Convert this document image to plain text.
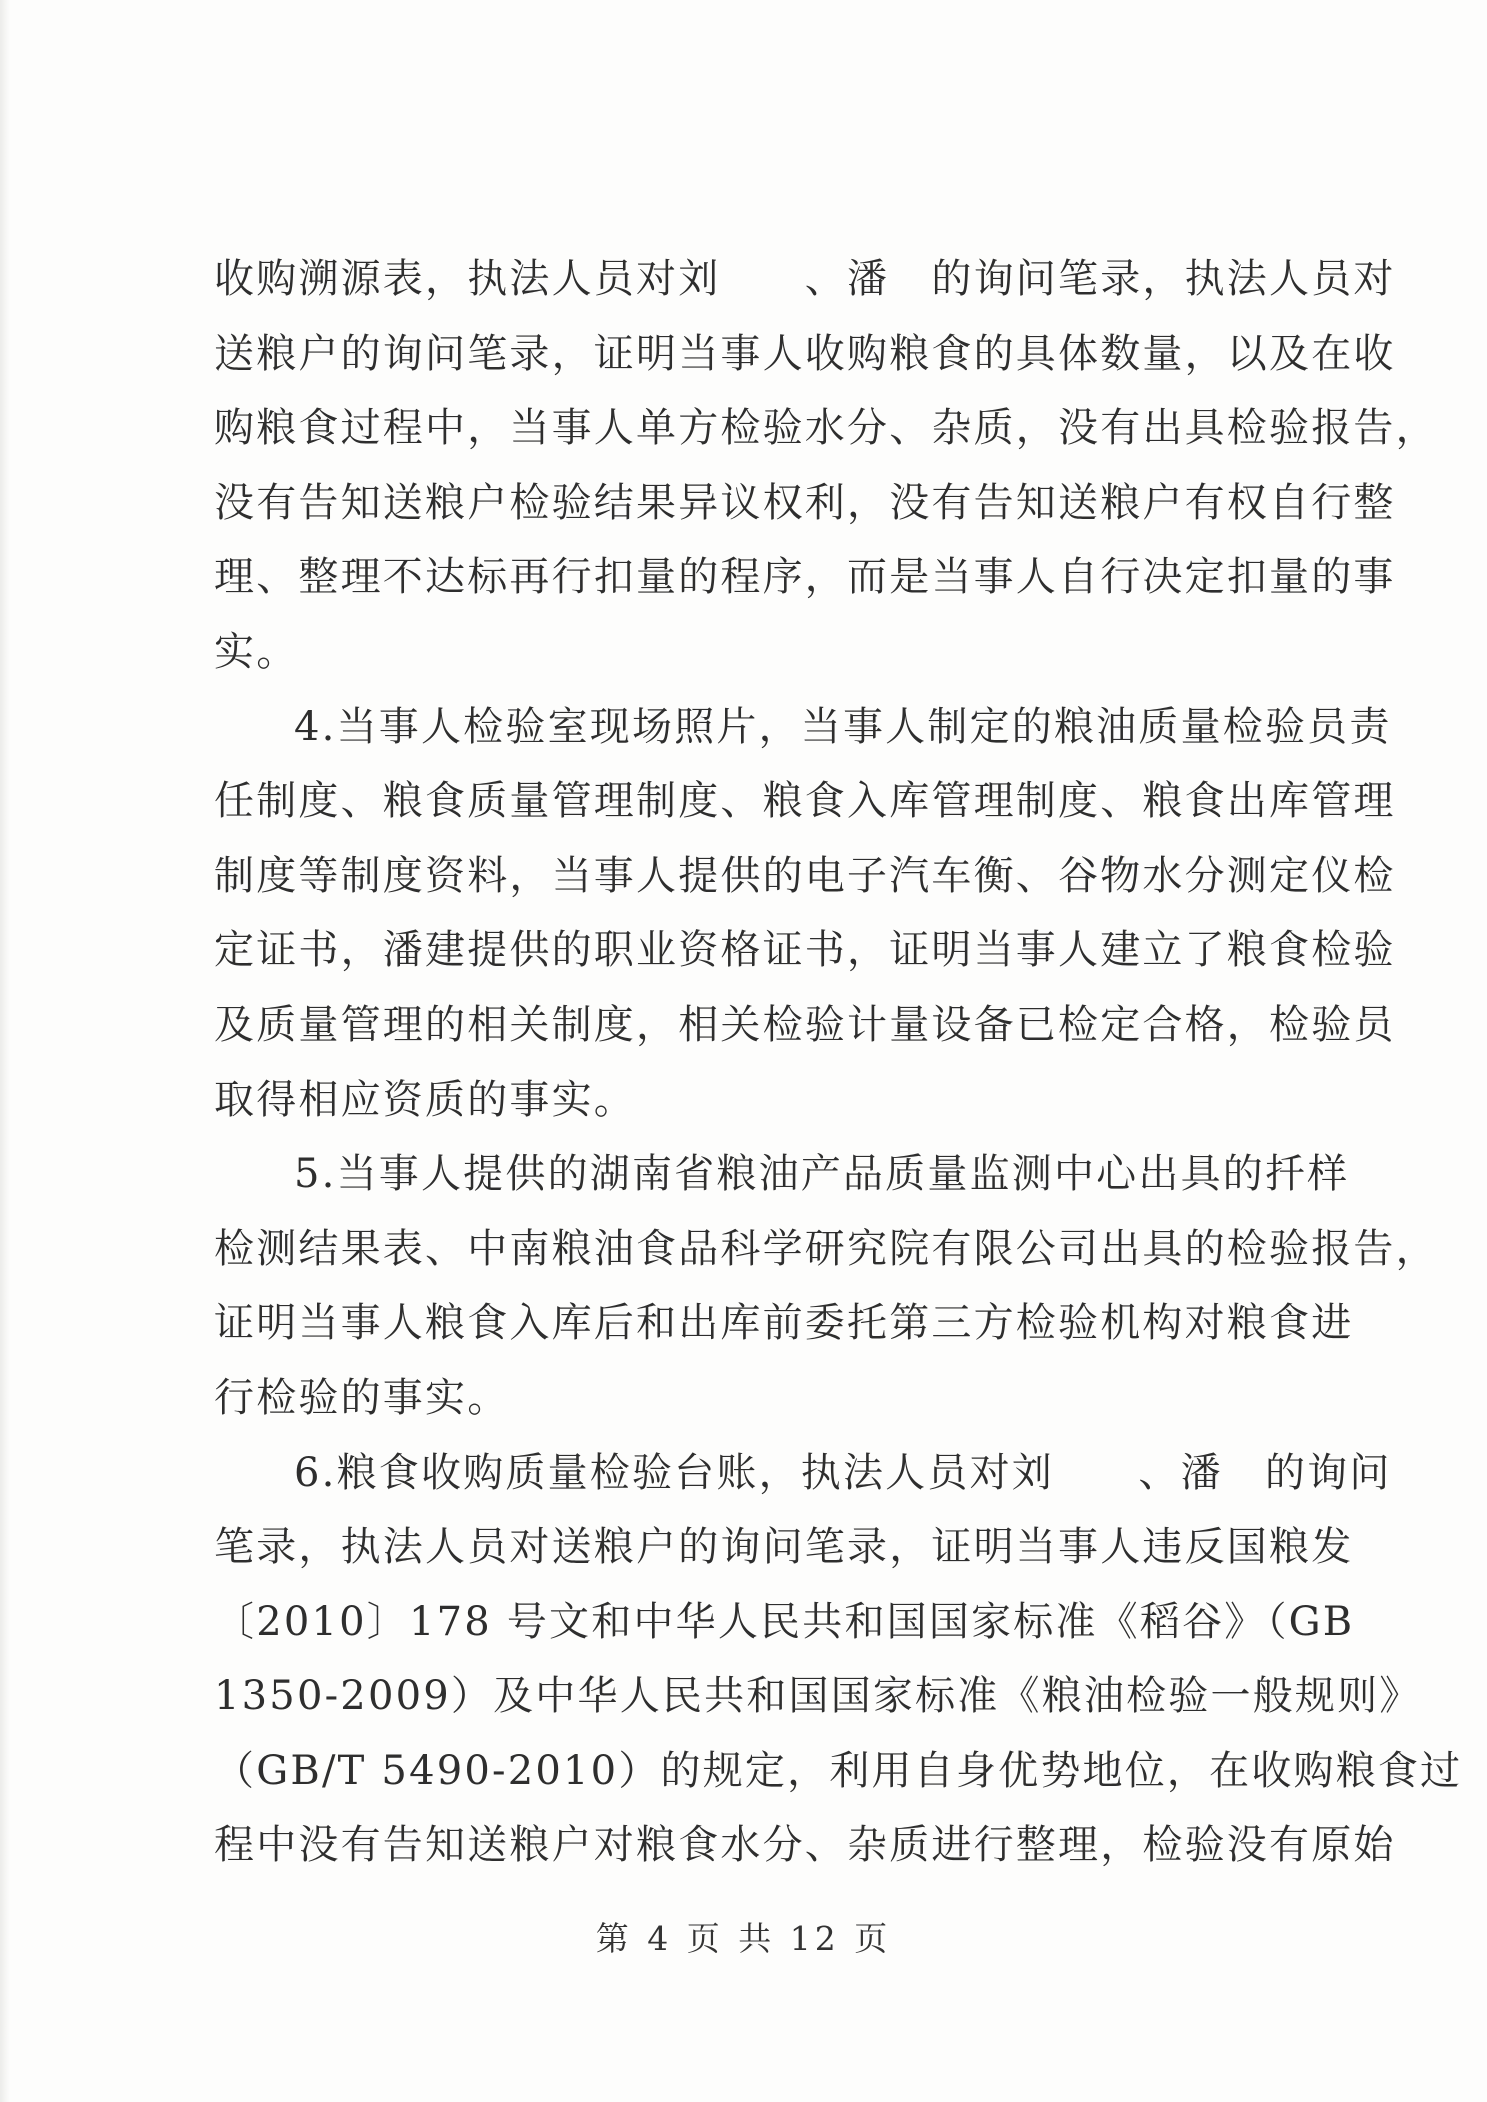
收购溯源表，执法人员对刘　　、潘　的询问笔录，执法人员对
送粮户的询问笔录，证明当事人收购粮食的具体数量，以及在收
购粮食过程中，当事人单方检验水分、杂质，没有出具检验报告，
没有告知送粮户检验结果异议权利，没有告知送粮户有权自行整
理、整理不达标再行扣量的程序，而是当事人自行决定扣量的事
实。
4.当事人检验室现场照片，当事人制定的粮油质量检验员责
任制度、粮食质量管理制度、粮食入库管理制度、粮食出库管理
制度等制度资料，当事人提供的电子汽车衡、谷物水分测定仪检
定证书，潘建提供的职业资格证书，证明当事人建立了粮食检验
及质量管理的相关制度，相关检验计量设备已检定合格，检验员
取得相应资质的事实。
5.当事人提供的湖南省粮油产品质量监测中心出具的扦样
检测结果表、中南粮油食品科学研究院有限公司出具的检验报告，
证明当事人粮食入库后和出库前委托第三方检验机构对粮食进
行检验的事实。
6.粮食收购质量检验台账，执法人员对刘　　、潘　的询问
笔录，执法人员对送粮户的询问笔录，证明当事人违反国粮发
〔2010〕178 号文和中华人民共和国国家标准《稻谷》（GB
1350-2009）及中华人民共和国国家标准《粮油检验一般规则》
（GB/T 5490-2010）的规定，利用自身优势地位，在收购粮食过
程中没有告知送粮户对粮食水分、杂质进行整理，检验没有原始
第 4 页 共 12 页
